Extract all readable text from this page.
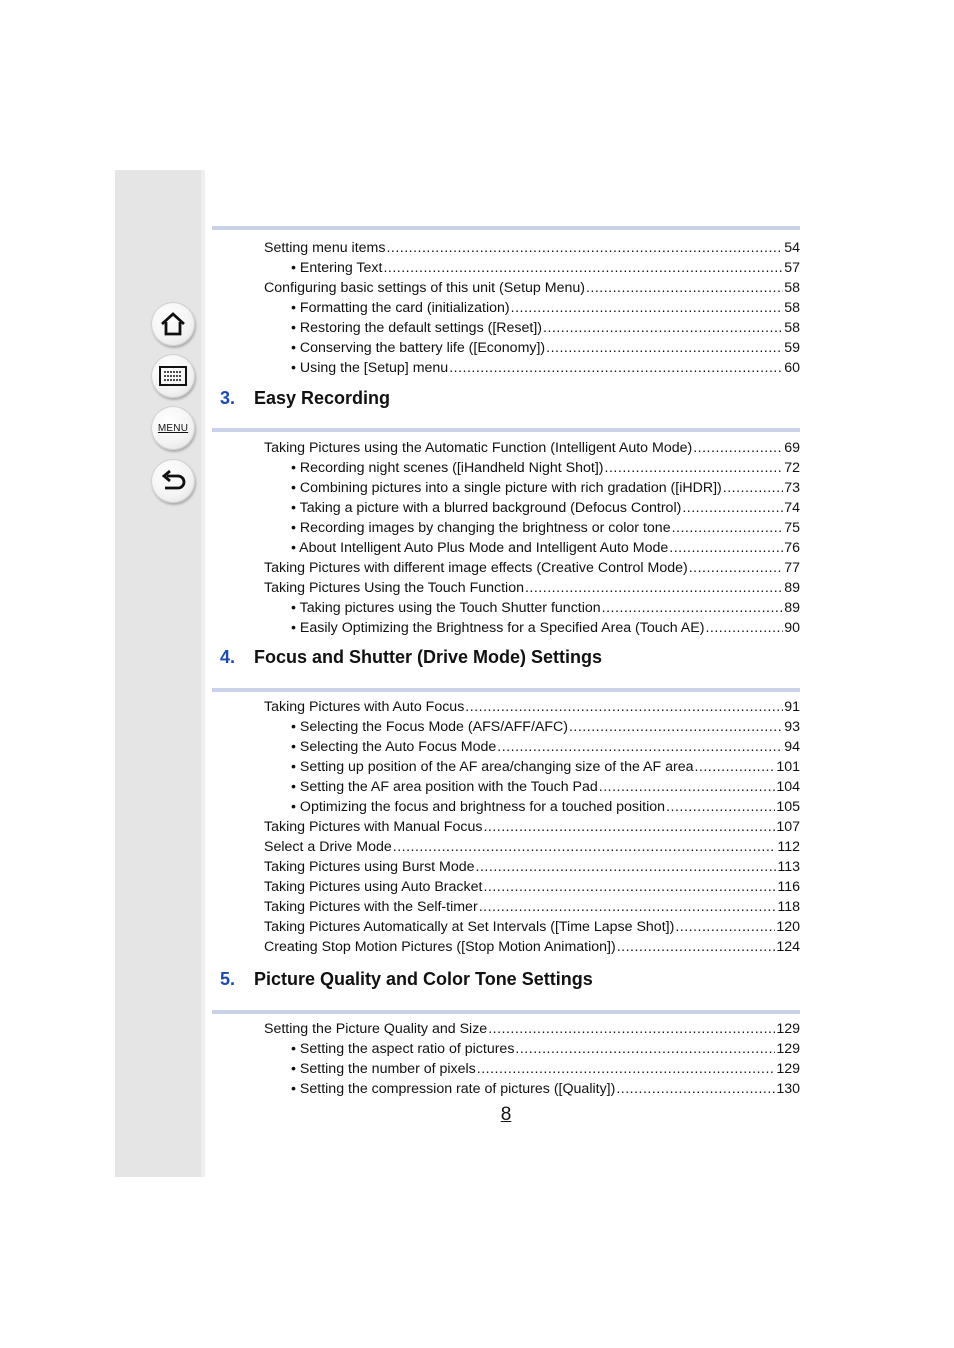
MENU
Setting menu items .....	54
• Entering Text .....	57
Configuring basic settings of this unit (Setup Menu) .....	58
• Formatting the card (initialization) .....	58
• Restoring the default settings ([Reset]) .....	58
• Conserving the battery life ([Economy]) .....	59
• Using the [Setup] menu .....	60
3. Easy Recording
Taking Pictures using the Automatic Function (Intelligent Auto Mode) .....	69
• Recording night scenes ([iHandheld Night Shot]) .....	72
• Combining pictures into a single picture with rich gradation ([iHDR]) .....	73
• Taking a picture with a blurred background (Defocus Control) .....	74
• Recording images by changing the brightness or color tone .....	75
• About Intelligent Auto Plus Mode and Intelligent Auto Mode .....	76
Taking Pictures with different image effects (Creative Control Mode) .....	77
Taking Pictures Using the Touch Function .....	89
• Taking pictures using the Touch Shutter function .....	89
• Easily Optimizing the Brightness for a Specified Area (Touch AE) .....	90
4. Focus and Shutter (Drive Mode) Settings
Taking Pictures with Auto Focus .....	91
• Selecting the Focus Mode (AFS/AFF/AFC) .....	93
• Selecting the Auto Focus Mode .....	94
• Setting up position of the AF area/changing size of the AF area .....	101
• Setting the AF area position with the Touch Pad .....	104
• Optimizing the focus and brightness for a touched position .....	105
Taking Pictures with Manual Focus .....	107
Select a Drive Mode .....	112
Taking Pictures using Burst Mode .....	113
Taking Pictures using Auto Bracket .....	116
Taking Pictures with the Self-timer .....	118
Taking Pictures Automatically at Set Intervals ([Time Lapse Shot]) .....	120
Creating Stop Motion Pictures ([Stop Motion Animation]) .....	124
5. Picture Quality and Color Tone Settings
Setting the Picture Quality and Size .....	129
• Setting the aspect ratio of pictures .....	129
• Setting the number of pixels .....	129
• Setting the compression rate of pictures ([Quality]) .....	130
8
